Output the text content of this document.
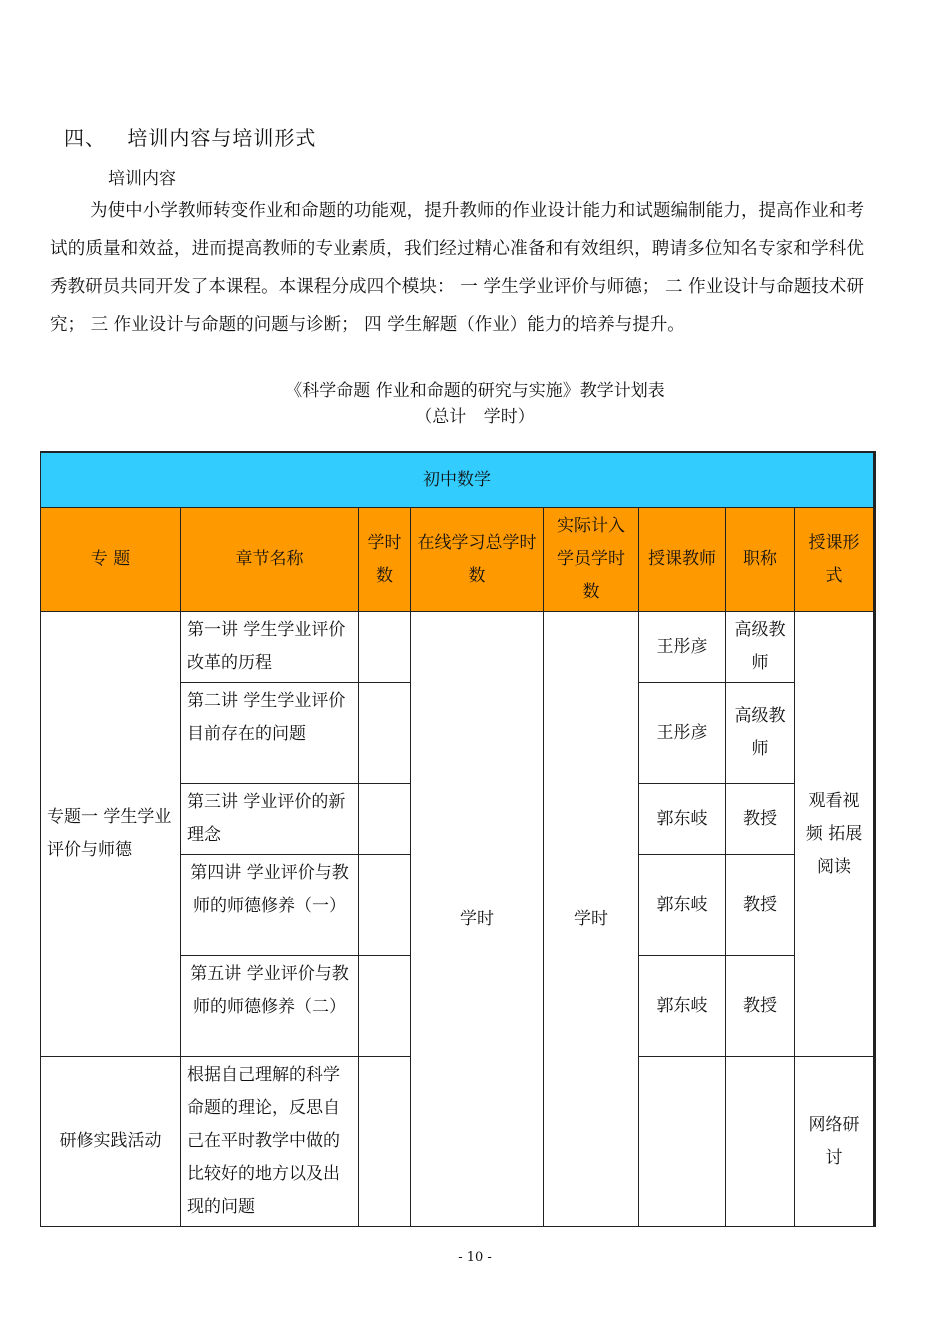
四、 培训内容与培训形式
培训内容

为使中小学教师转变作业和命题的功能观，提升教师的作业设计能力和试题编制能力，提高作业和考试的质量和效益，进而提高教师的专业素质，我们经过精心准备和有效组织，聘请多位知名专家和学科优秀教研员共同开发了本课程。本课程分成四个模块： 一 学生学业评价与师德； 二 作业设计与命题技术研究； 三 作业设计与命题的问题与诊断； 四 学生解题（作业）能力的培养与提升。

《科学命题 作业和命题的研究与实施》教学计划表
（总计 学时）
初中数学							
专 题	章节名称	学时数	在线学习总学时数	实际计入学员学时数	授课教师	职称	授课形式
专题一 学生学业评价与师德	第一讲 学生学业评价改革的历程		学时	学时	王彤彦	高级教师	观看视频 拓展阅读
	第二讲 学生学业评价目前存在的问题				王彤彦	高级教师	
	第三讲 学业评价的新理念				郭东岐	教授	
	第四讲 学业评价与教师的师德修养（一）				郭东岐	教授	
	第五讲 学业评价与教师的师德修养（二）				郭东岐	教授	
研修实践活动	根据自己理解的科学命题的理论，反思自己在平时教学中做的比较好的地方以及出现的问题						网络研讨
- 10 -
